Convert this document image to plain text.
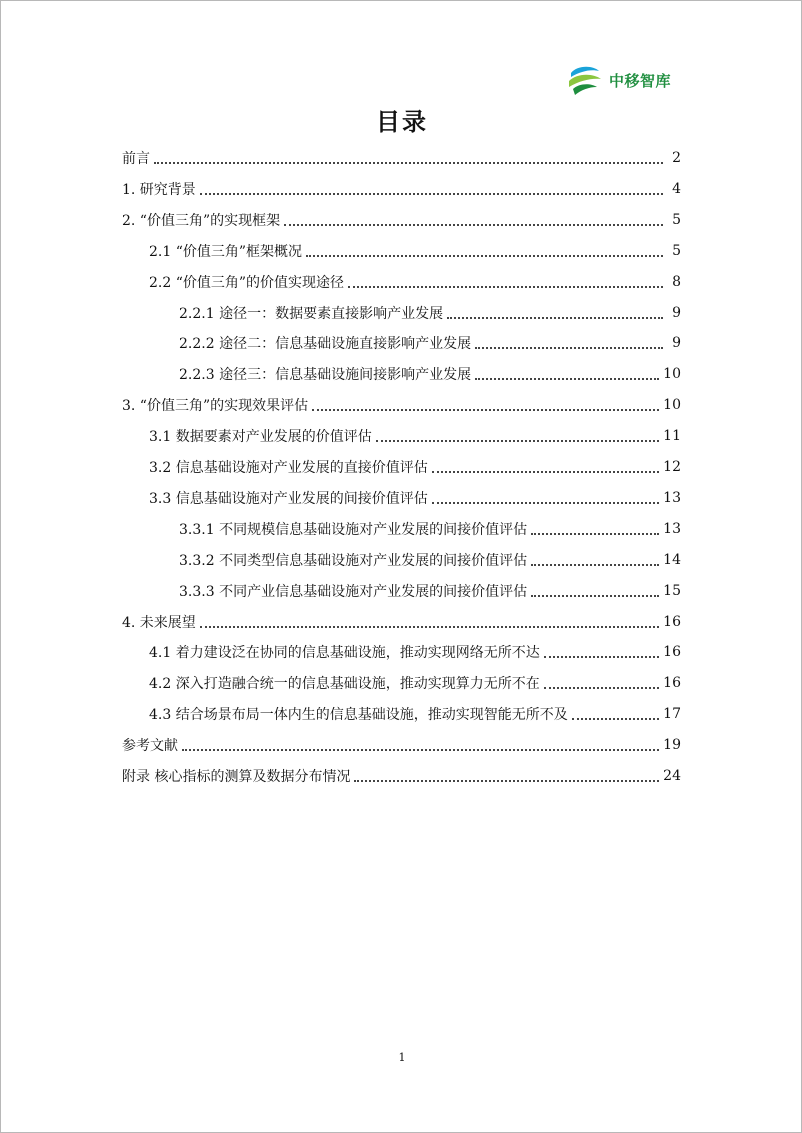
中移智库
目录
前言	2
1. 研究背景	4
2. “价值三角”的实现框架	5
2.1 “价值三角”框架概况	5
2.2 “价值三角”的价值实现途径	8
2.2.1 途径一：数据要素直接影响产业发展	9
2.2.2 途径二：信息基础设施直接影响产业发展	9
2.2.3 途径三：信息基础设施间接影响产业发展	10
3. “价值三角”的实现效果评估	10
3.1 数据要素对产业发展的价值评估	11
3.2 信息基础设施对产业发展的直接价值评估	12
3.3 信息基础设施对产业发展的间接价值评估	13
3.3.1 不同规模信息基础设施对产业发展的间接价值评估	13
3.3.2 不同类型信息基础设施对产业发展的间接价值评估	14
3.3.3 不同产业信息基础设施对产业发展的间接价值评估	15
4. 未来展望	16
4.1 着力建设泛在协同的信息基础设施，推动实现网络无所不达	16
4.2 深入打造融合统一的信息基础设施，推动实现算力无所不在	16
4.3 结合场景布局一体内生的信息基础设施，推动实现智能无所不及	17
参考文献	19
附录 核心指标的测算及数据分布情况	24
1
